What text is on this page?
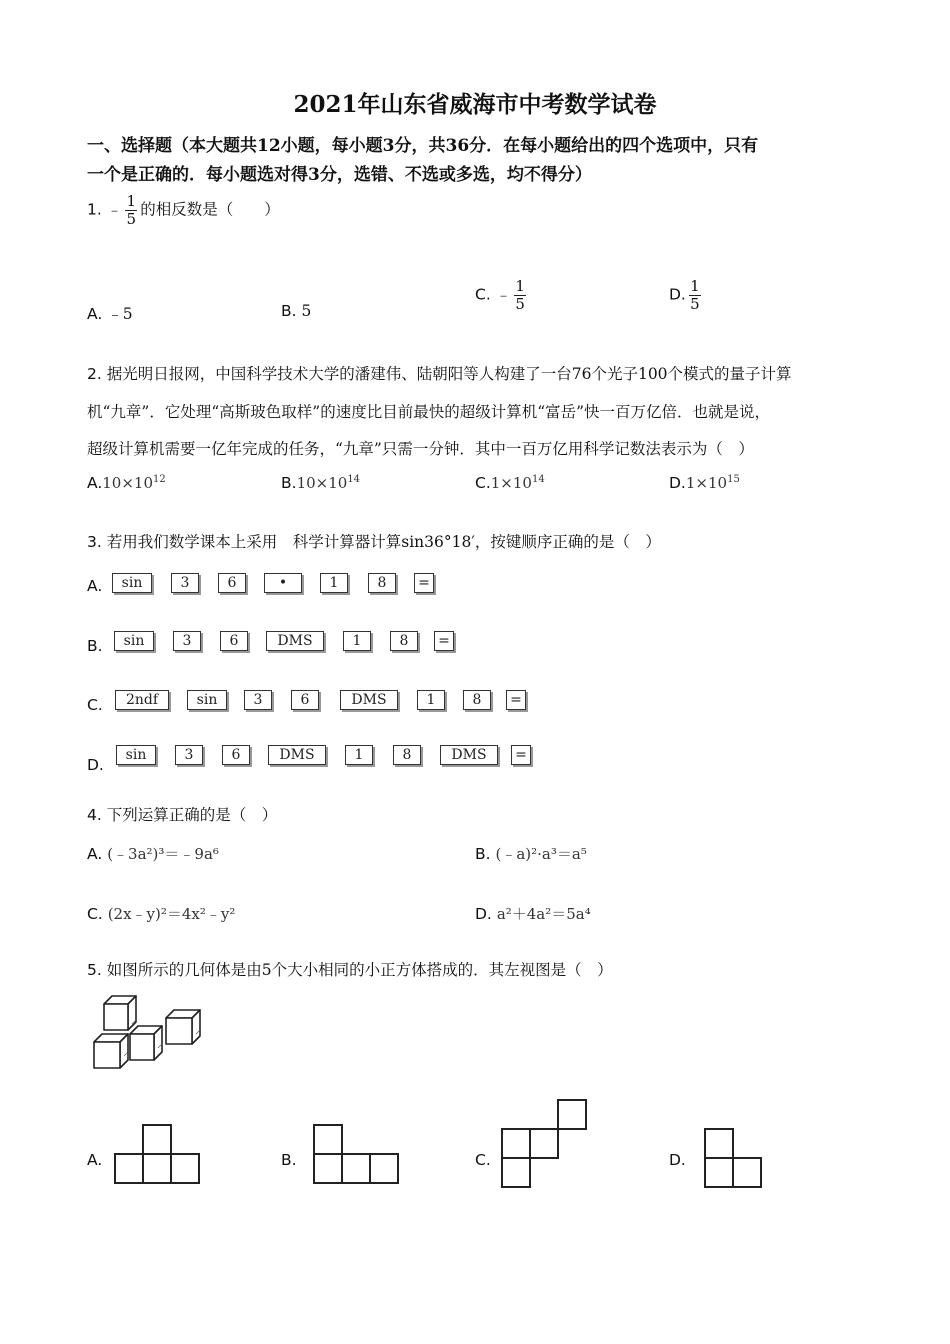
2021年山东省威海市中考数学试卷
一、选择题（本大题共12小题，每小题3分，共36分．在每小题给出的四个选项中，只有
一个是正确的．每小题选对得3分，选错、不选或多选，均不得分）
1. ﹣ $\frac{1}{5}$ 的相反数是（　　）
A. ﹣5	B. 5
C. ﹣ $\frac{1}{5}$	D. $\frac{1}{5}$
2. 据光明日报网，中国科学技术大学的潘建伟、陆朝阳等人构建了一台76个光子100个模式的量子计算
机“九章”．它处理“高斯玻色取样”的速度比目前最快的超级计算机“富岳”快一百万亿倍．也就是说，
超级计算机需要一亿年完成的任务，“九章”只需一分钟．其中一百万亿用科学记数法表示为（　）
$A.10\times 10^{12}$	$B.10\times 10^{14}$	$C.1\times 10^{14}$	$D.1\times 10^{15}$
3. 若用我们数学课本上采用　科学计算器计算sin36°18′，按键顺序正确的是（　）
A.	sin	3	6	•	1	8	=
B.	sin	3	6	DMS	1	8	=
C.	2ndf	sin	3	6	DMS	1	8	=
D.
sin	3	6	DMS	1	8	DMS	=
4. 下列运算正确的是（　）
A. (﹣3a²)³＝﹣9a⁶	B. (﹣a)²·a³＝a⁵
C. (2x﹣y)²＝4x²﹣y²	D. a²＋4a²＝5a⁴
5. 如图所示的几何体是由5个大小相同的小正方体搭成的．其左视图是（　）
A.	B.	C.	D.
